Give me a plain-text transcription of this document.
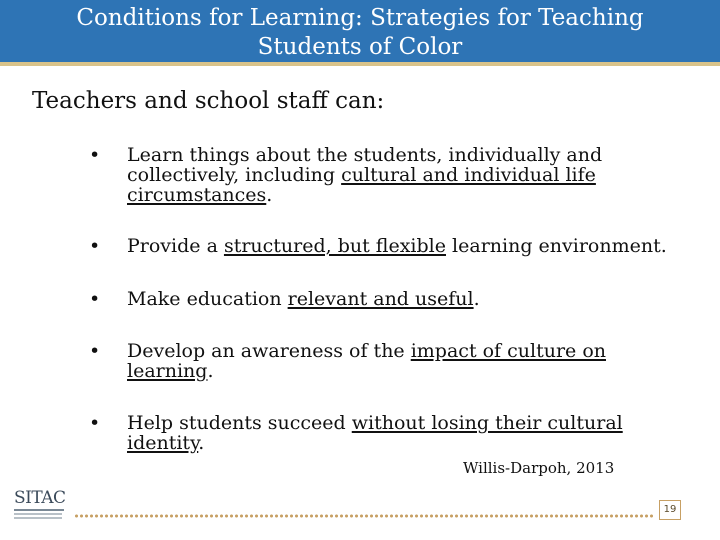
Conditions for Learning: Strategies for Teaching
Students of Color
Teachers and school staff can:
• Learn things about the students, individually and collectively, including cultural and individual life circumstances.
• Provide a structured, but flexible learning environment.
• Make education relevant and useful.
• Develop an awareness of the impact of culture on learning.
• Help students succeed without losing their cultural identity.
Willis-Darpoh, 2013
SITAC
19
